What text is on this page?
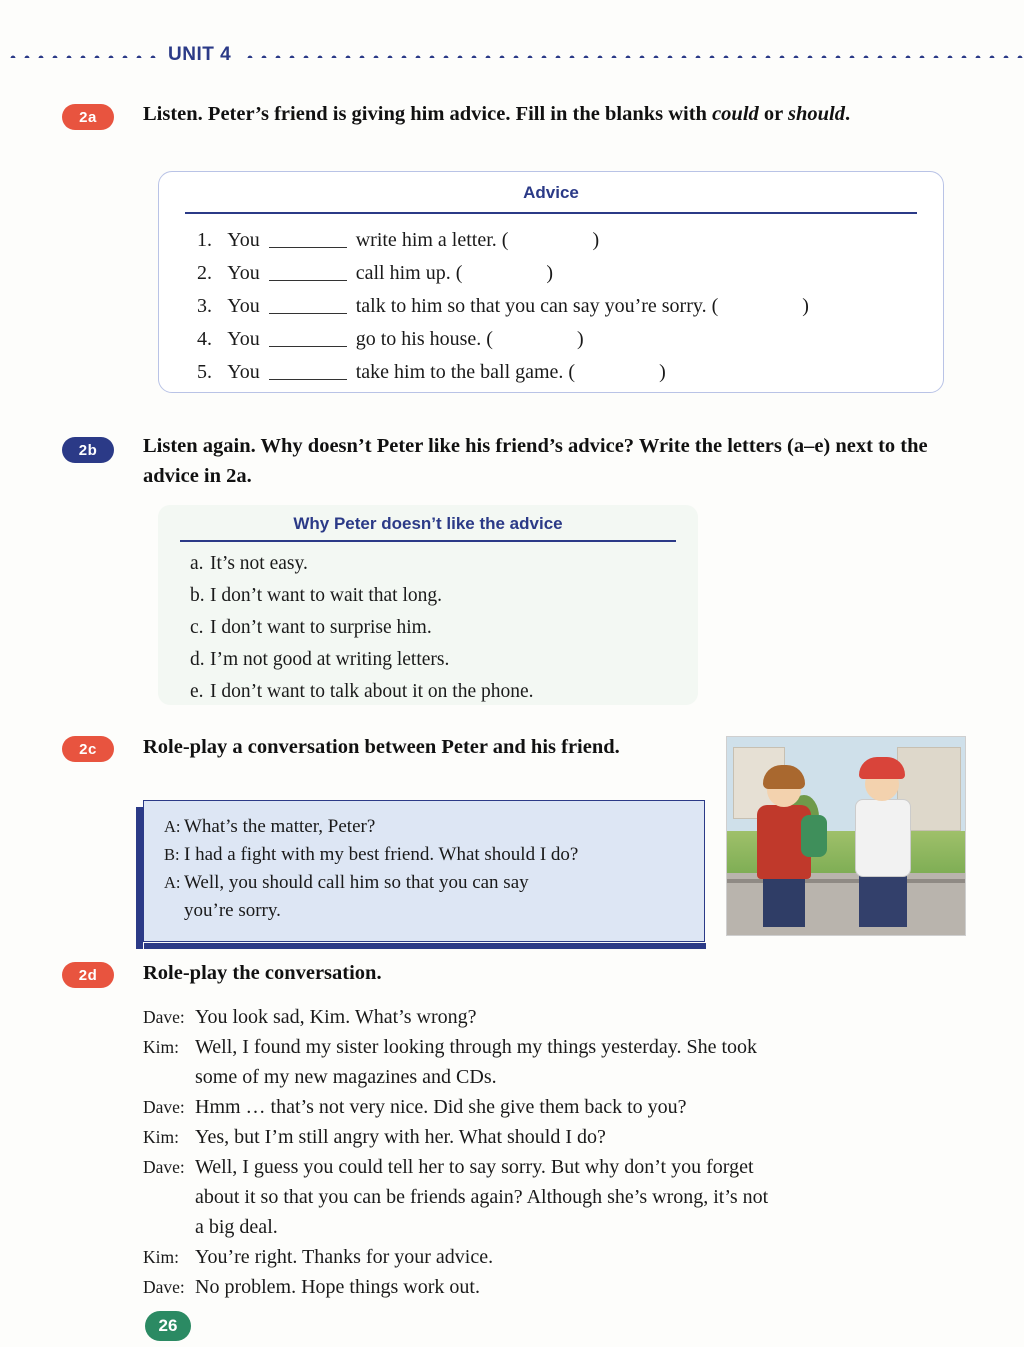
UNIT 4
2a	Listen. Peter’s friend is giving him advice. Fill in the blanks with could or should.
Advice
1. You	write him a letter. (	)
2. You	call him up. (	)
3. You	talk to him so that you can say you’re sorry. (	)
4. You	go to his house. (	)
5. You	take him to the ball game. (	)
2b	Listen again. Why doesn’t Peter like his friend’s advice? Write the letters (a–e) next to the advice in 2a.
Why Peter doesn’t like the advice
a. It’s not easy.
b. I don’t want to wait that long.
c. I don’t want to surprise him.
d. I’m not good at writing letters.
e. I don’t want to talk about it on the phone.
2c	Role-play a conversation between Peter and his friend.
A: What’s the matter, Peter?
B: I had a fight with my best friend. What should I do?
A: Well, you should call him so that you can say
you’re sorry.
2d	Role-play the conversation.
Dave: You look sad, Kim. What’s wrong?
Kim: Well, I found my sister looking through my things yesterday. She took
some of my new magazines and CDs.
Dave: Hmm … that’s not very nice. Did she give them back to you?
Kim: Yes, but I’m still angry with her. What should I do?
Dave: Well, I guess you could tell her to say sorry. But why don’t you forget
about it so that you can be friends again? Although she’s wrong, it’s not
a big deal.
Kim: You’re right. Thanks for your advice.
Dave: No problem. Hope things work out.
26
